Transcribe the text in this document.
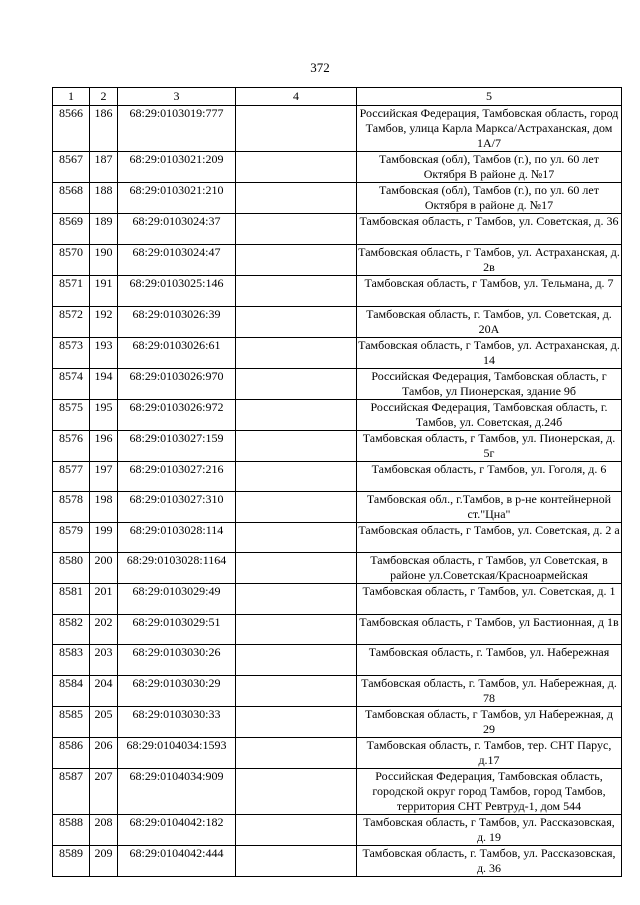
372
1	2	3	4	5
8566	186	68:29:0103019:777		Российская Федерация, Тамбовская область, город Тамбов, улица Карла Маркса/Астраханская, дом 1А/7
8567	187	68:29:0103021:209		Тамбовская (обл), Тамбов (г.), по ул. 60 лет Октября В районе д. №17
8568	188	68:29:0103021:210		Тамбовская (обл), Тамбов (г.), по ул. 60 лет Октября в районе д. №17
8569	189	68:29:0103024:37		Тамбовская область, г Тамбов, ул. Советская, д. 36
8570	190	68:29:0103024:47		Тамбовская область, г Тамбов, ул. Астраханская, д. 2в
8571	191	68:29:0103025:146		Тамбовская область, г Тамбов, ул. Тельмана, д. 7
8572	192	68:29:0103026:39		Тамбовская область, г. Тамбов, ул. Советская, д. 20А
8573	193	68:29:0103026:61		Тамбовская область, г Тамбов, ул. Астраханская, д. 14
8574	194	68:29:0103026:970		Российская Федерация, Тамбовская область, г Тамбов, ул Пионерская, здание 9б
8575	195	68:29:0103026:972		Российская Федерация, Тамбовская область, г. Тамбов, ул. Советская, д.24б
8576	196	68:29:0103027:159		Тамбовская область, г Тамбов, ул. Пионерская, д. 5г
8577	197	68:29:0103027:216		Тамбовская область, г Тамбов, ул. Гоголя, д. 6
8578	198	68:29:0103027:310		Тамбовская обл., г.Тамбов, в р-не контейнерной ст."Цна"
8579	199	68:29:0103028:114		Тамбовская область, г Тамбов, ул. Советская, д. 2 а
8580	200	68:29:0103028:1164		Тамбовская область, г Тамбов, ул Советская, в районе ул.Советская/Красноармейская
8581	201	68:29:0103029:49		Тамбовская область, г Тамбов, ул. Советская, д. 1
8582	202	68:29:0103029:51		Тамбовская область, г Тамбов, ул Бастионная, д 1в
8583	203	68:29:0103030:26		Тамбовская область, г. Тамбов, ул. Набережная
8584	204	68:29:0103030:29		Тамбовская область, г. Тамбов, ул. Набережная, д. 78
8585	205	68:29:0103030:33		Тамбовская область, г Тамбов, ул Набережная, д 29
8586	206	68:29:0104034:1593		Тамбовская область, г. Тамбов, тер. СНТ Парус, д.17
8587	207	68:29:0104034:909		Российская Федерация, Тамбовская область, городской округ город Тамбов, город Тамбов, территория СНТ Ревтруд-1, дом 544
8588	208	68:29:0104042:182		Тамбовская область, г Тамбов, ул. Рассказовская, д. 19
8589	209	68:29:0104042:444		Тамбовская область, г. Тамбов, ул. Рассказовская, д. 36
